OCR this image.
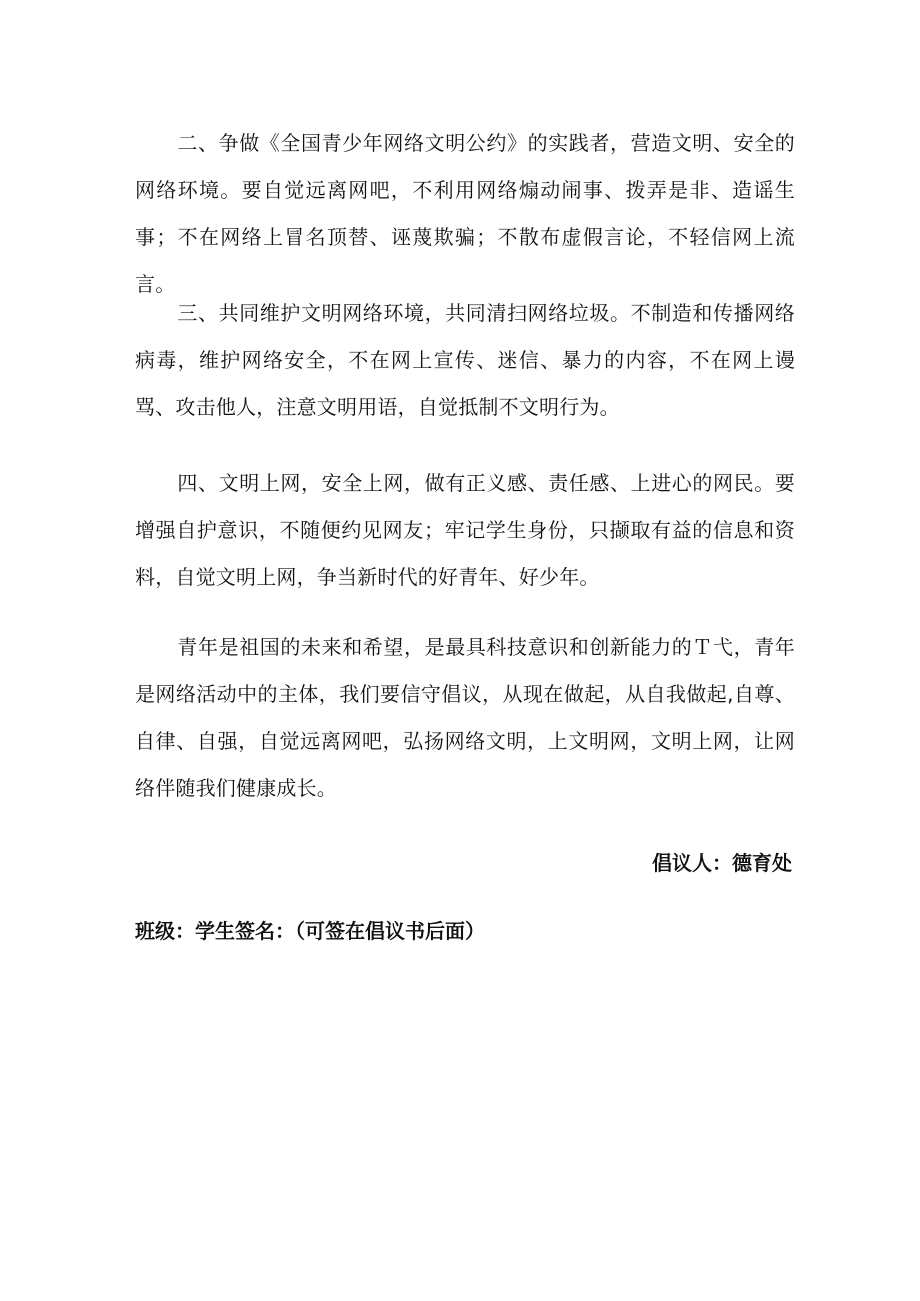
二、争做《全国青少年网络文明公约》的实践者，营造文明、安全的网络环境。要自觉远离网吧，不利用网络煽动闹事、拨弄是非、造谣生事；不在网络上冒名顶替、诬蔑欺骗；不散布虚假言论，不轻信网上流言。

三、共同维护文明网络环境，共同清扫网络垃圾。不制造和传播网络病毒，维护网络安全，不在网上宣传、迷信、暴力的内容，不在网上谩骂、攻击他人，注意文明用语，自觉抵制不文明行为。

四、文明上网，安全上网，做有正义感、责任感、上进心的网民。要增强自护意识，不随便约见网友；牢记学生身份，只撷取有益的信息和资料，自觉文明上网，争当新时代的好青年、好少年。

青年是祖国的未来和希望，是最具科技意识和创新能力的Ｔ弋，青年是网络活动中的主体，我们要信守倡议，从现在做起，从自我做起,自尊、自律、自强，自觉远离网吧，弘扬网络文明，上文明网，文明上网，让网络伴随我们健康成长。

倡议人：德育处

班级：学生签名：（可签在倡议书后面）
